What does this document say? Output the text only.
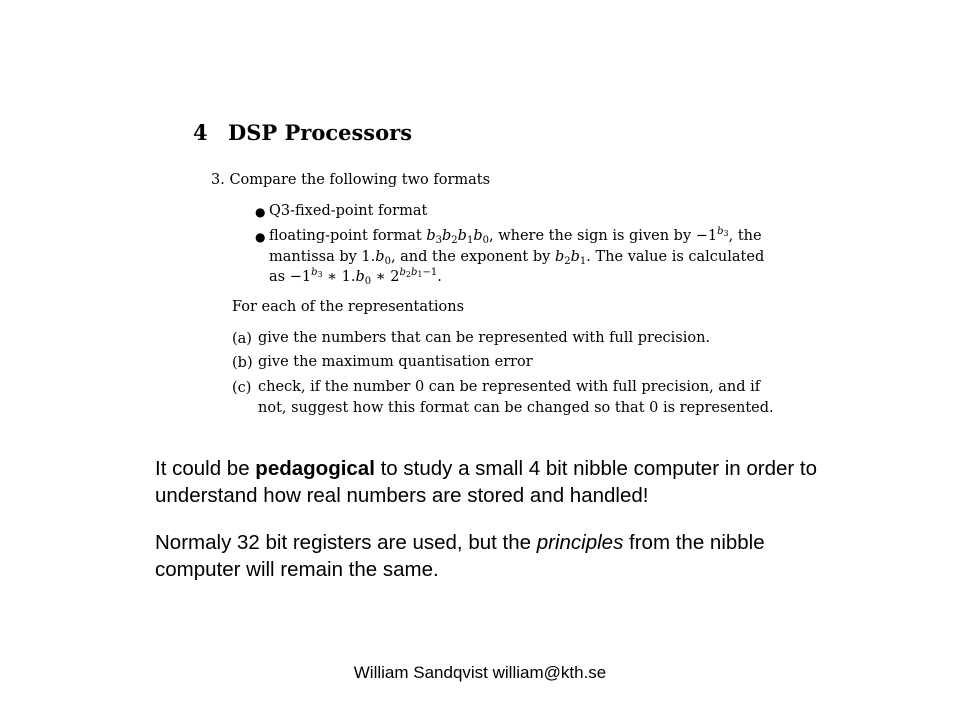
4 DSP Processors
3. Compare the following two formats
● Q3-fixed-point format
● floating-point format $b_3b_2b_1b_0$, where the sign is given by $-1^{b_3}$, the
mantissa by $1.b_0$, and the exponent by $b_2b_1$. The value is calculated
as $-1^{b_3}$ ∗ $1.b_0$ ∗ $2^{b_2b_1-1}$.
For each of the representations
(a) give the numbers that can be represented with full precision.
(b) give the maximum quantisation error
(c) check, if the number 0 can be represented with full precision, and if
not, suggest how this format can be changed so that 0 is represented.
It could be pedagogical to study a small 4 bit nibble computer in order to understand how real numbers are stored and handled!
Normaly 32 bit registers are used, but the principles from the nibble computer will remain the same.
William Sandqvist william@kth.se
